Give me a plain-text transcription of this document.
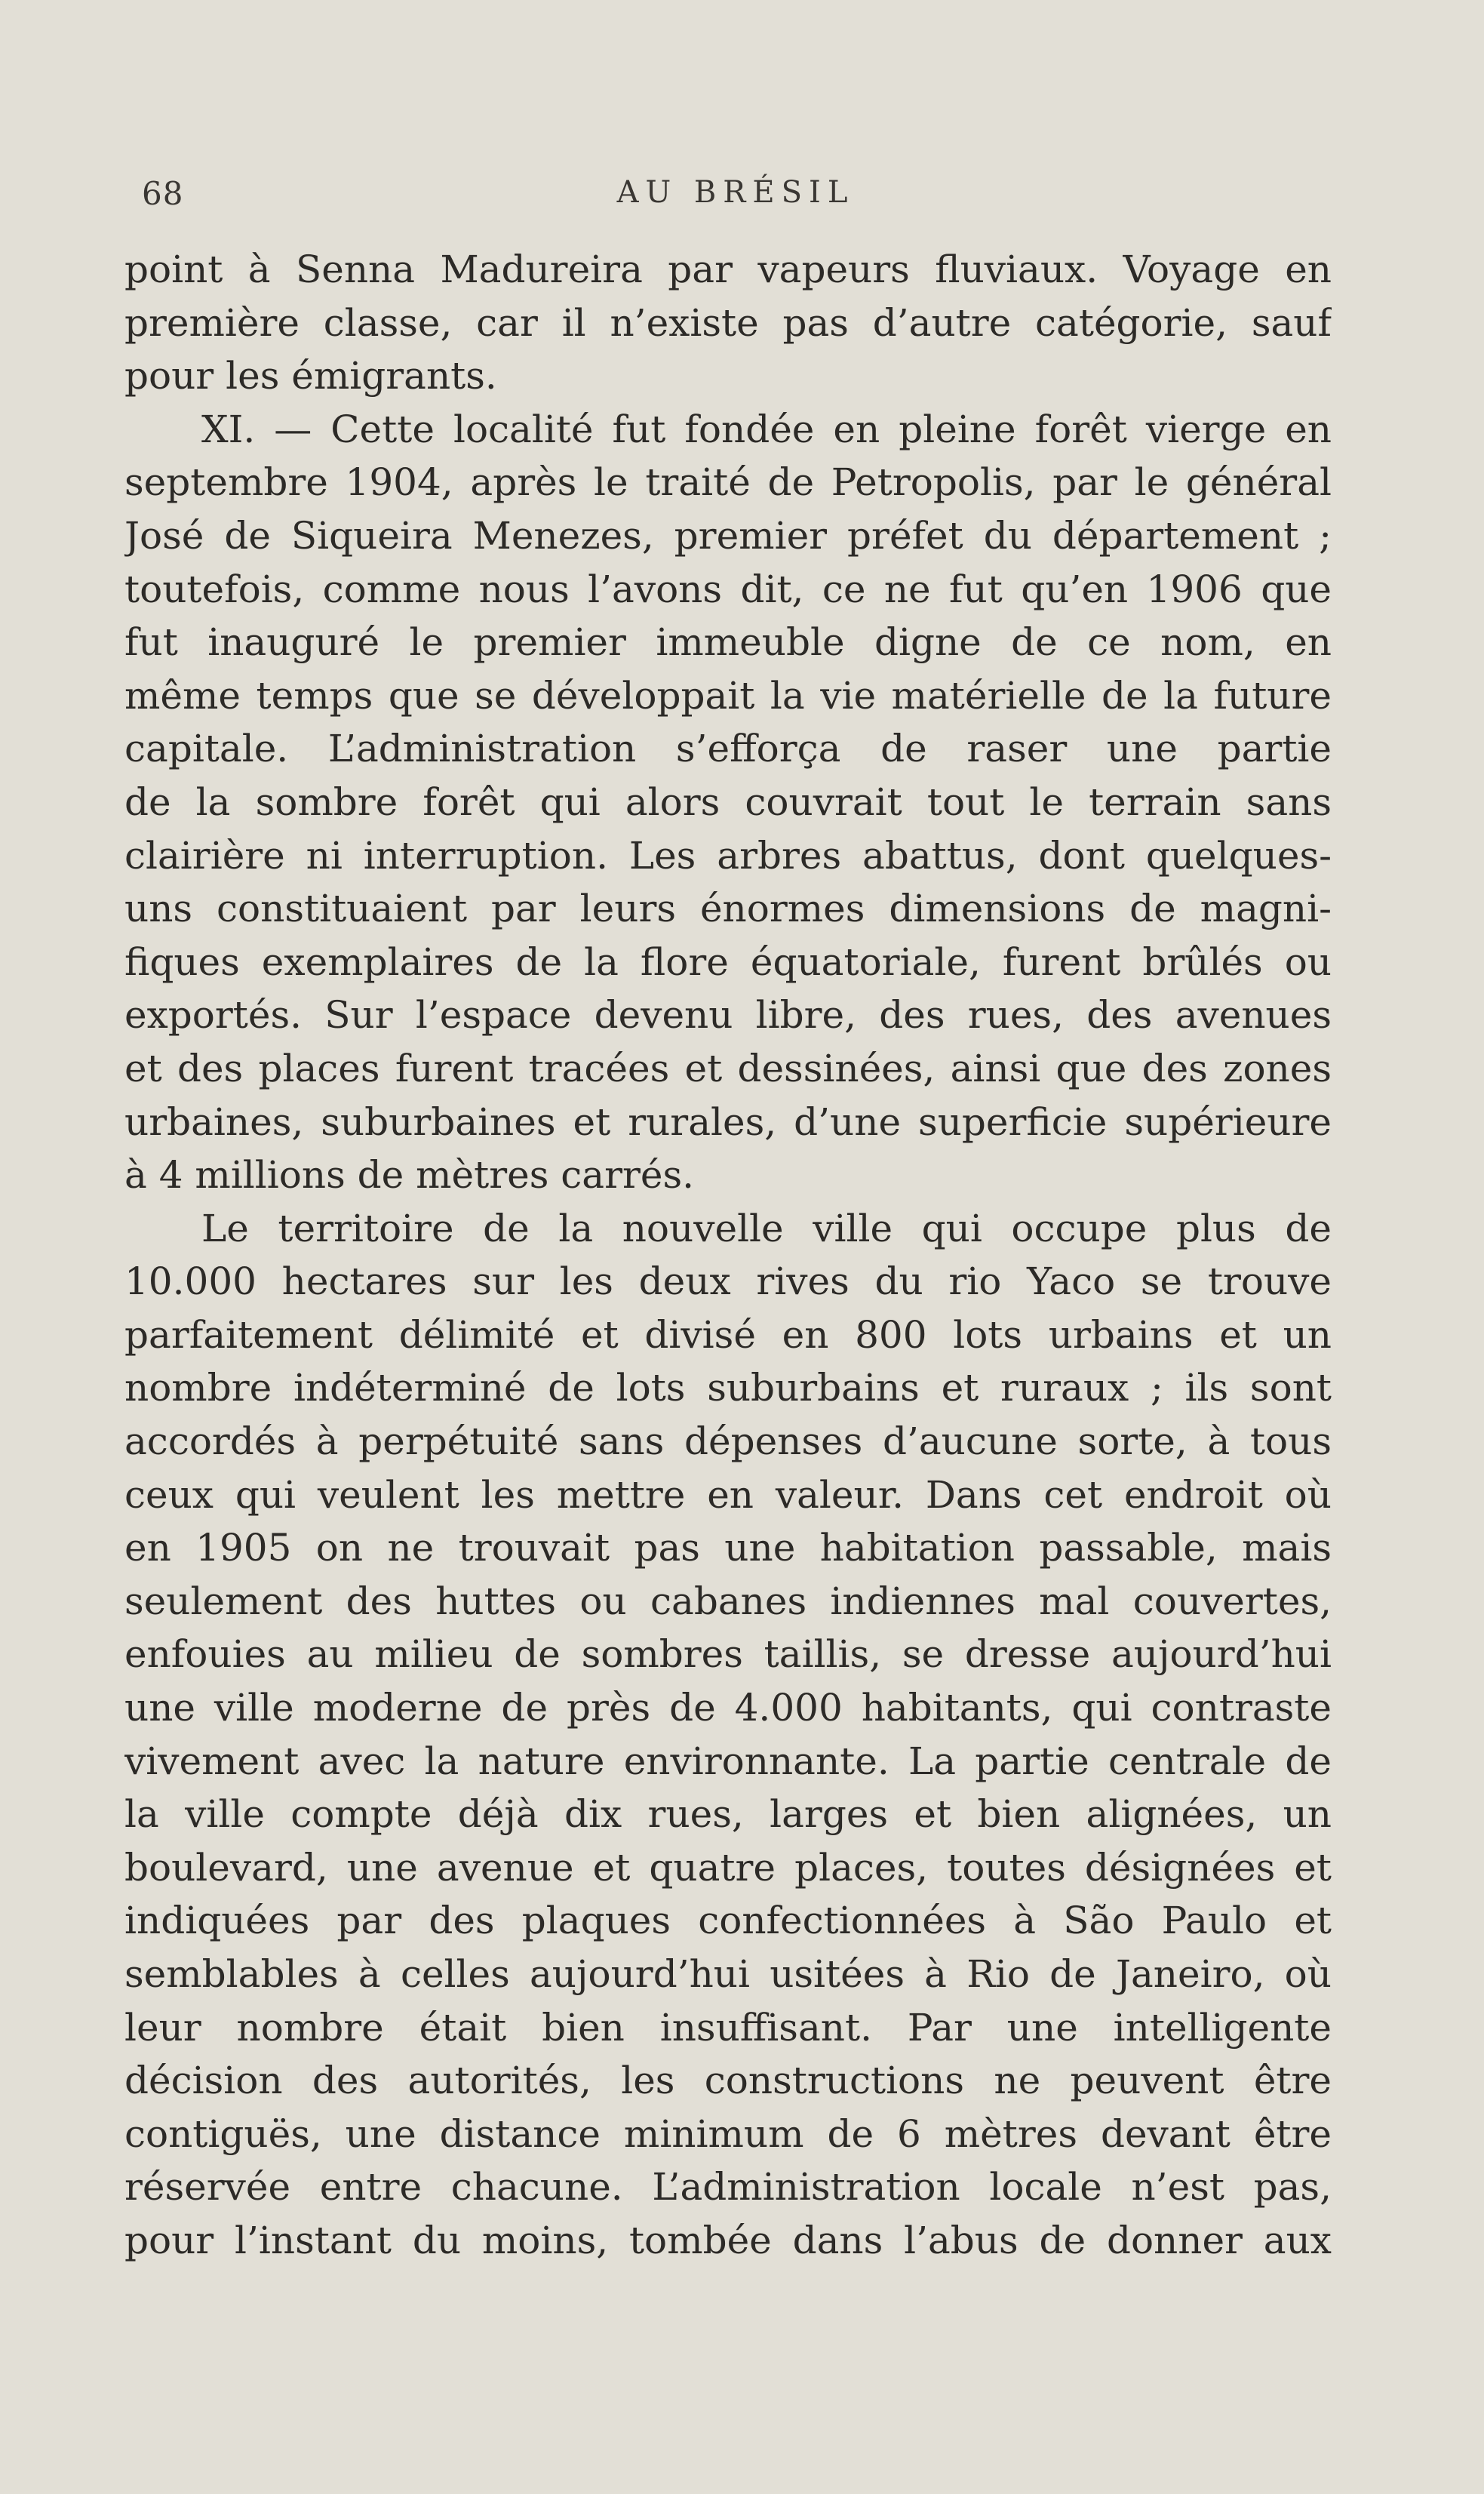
68	AU BRÉSIL
point à Senna Madureira par vapeurs fluviaux. Voyage en
première classe, car il n’existe pas d’autre catégorie, sauf
pour les émigrants.
XI. — Cette localité fut fondée en pleine forêt vierge en
septembre 1904, après le traité de Petropolis, par le général
José de Siqueira Menezes, premier préfet du département ;
toutefois, comme nous l’avons dit, ce ne fut qu’en 1906 que
fut inauguré le premier immeuble digne de ce nom, en
même temps que se développait la vie matérielle de la future
capitale. L’administration s’efforça de raser une partie
de la sombre forêt qui alors couvrait tout le terrain sans
clairière ni interruption. Les arbres abattus, dont quelques-
uns constituaient par leurs énormes dimensions de magni-
fiques exemplaires de la flore équatoriale, furent brûlés ou
exportés. Sur l’espace devenu libre, des rues, des avenues
et des places furent tracées et dessinées, ainsi que des zones
urbaines, suburbaines et rurales, d’une superficie supérieure
à 4 millions de mètres carrés.
Le territoire de la nouvelle ville qui occupe plus de
10.000 hectares sur les deux rives du rio Yaco se trouve
parfaitement délimité et divisé en 800 lots urbains et un
nombre indéterminé de lots suburbains et ruraux ; ils sont
accordés à perpétuité sans dépenses d’aucune sorte, à tous
ceux qui veulent les mettre en valeur. Dans cet endroit où
en 1905 on ne trouvait pas une habitation passable, mais
seulement des huttes ou cabanes indiennes mal couvertes,
enfouies au milieu de sombres taillis, se dresse aujourd’hui
une ville moderne de près de 4.000 habitants, qui contraste
vivement avec la nature environnante. La partie centrale de
la ville compte déjà dix rues, larges et bien alignées, un
boulevard, une avenue et quatre places, toutes désignées et
indiquées par des plaques confectionnées à São Paulo et
semblables à celles aujourd’hui usitées à Rio de Janeiro, où
leur nombre était bien insuffisant. Par une intelligente
décision des autorités, les constructions ne peuvent être
contiguës, une distance minimum de 6 mètres devant être
réservée entre chacune. L’administration locale n’est pas,
pour l’instant du moins, tombée dans l’abus de donner aux
